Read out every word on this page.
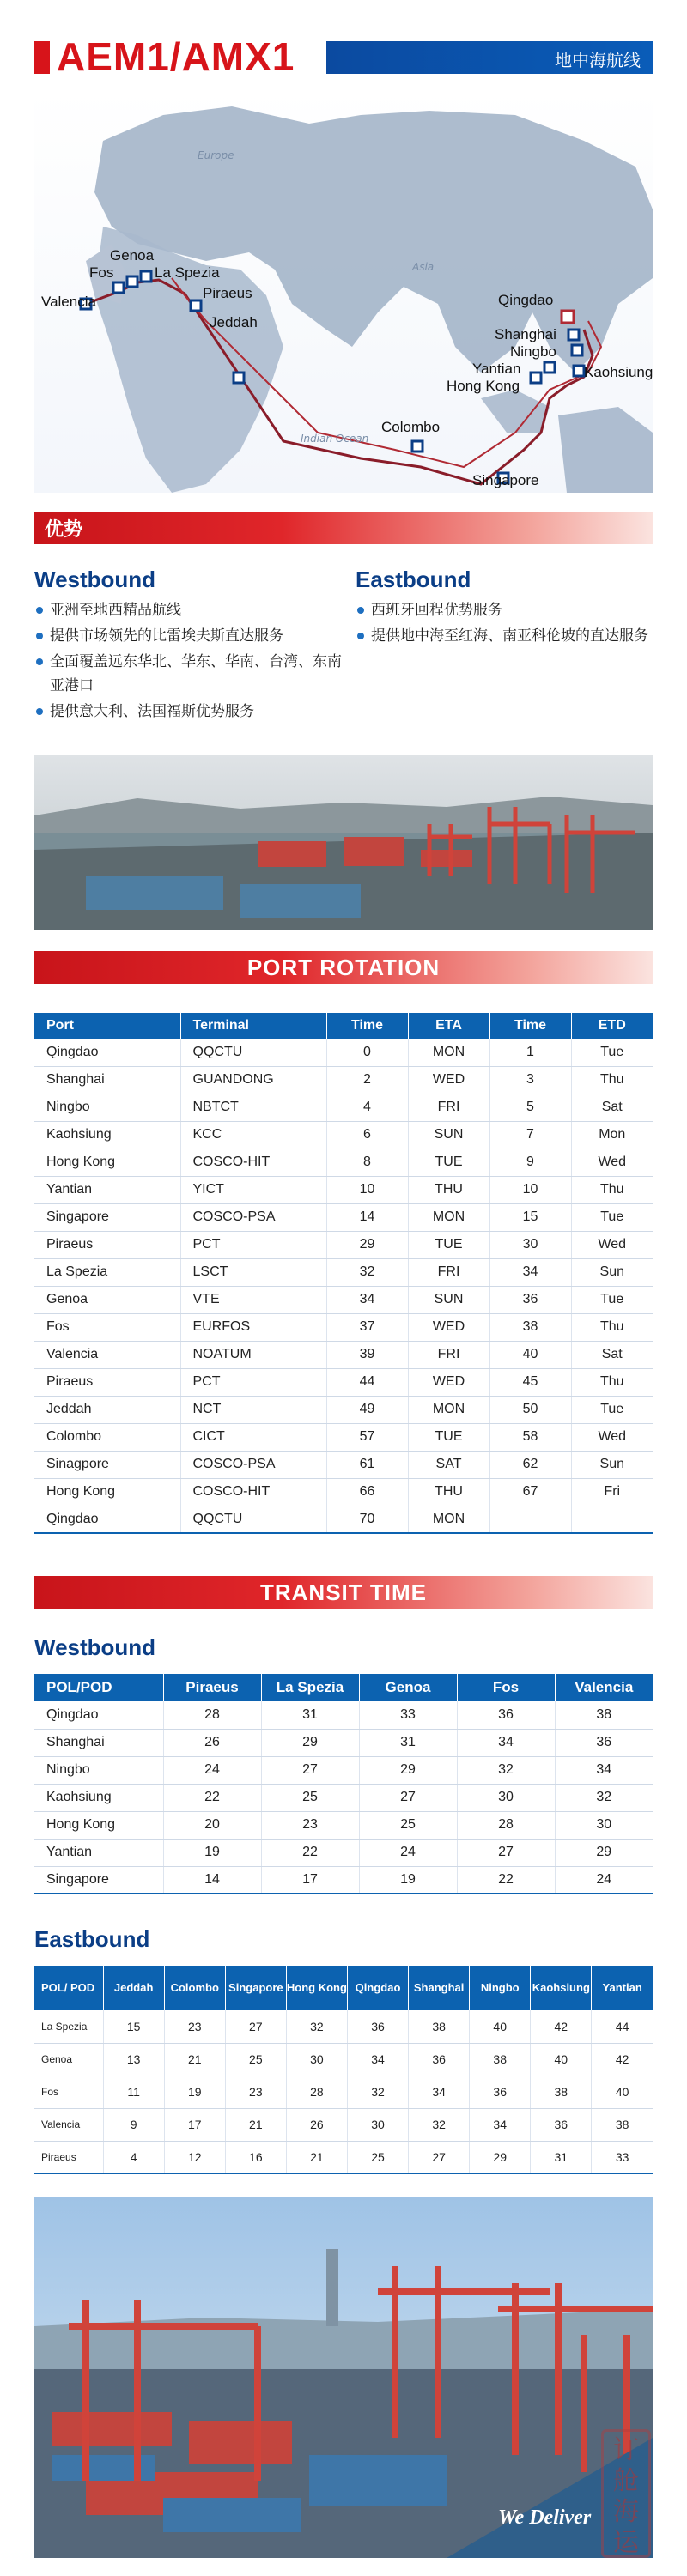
AEM1/AMX1	地中海航线
Europe
Asia
Indian Ocean
Valencia
Fos
Genoa
La Spezia
Piraeus
Jeddah
Colombo
Hong Kong
Yantian
Shanghai
Ningbo
Qingdao
Kaohsiung
Singapore
优势
Westbound
亚洲至地西精品航线
提供市场领先的比雷埃夫斯直达服务
全面覆盖远东华北、华东、华南、台湾、东南亚港口
提供意大利、法国福斯优势服务
Eastbound
西班牙回程优势服务
提供地中海至红海、南亚科伦坡的直达服务
PORT ROTATION
Port	Terminal	Time	ETA	Time	ETD
Qingdao	QQCTU	0	MON	1	Tue
Shanghai	GUANDONG	2	WED	3	Thu
Ningbo	NBTCT	4	FRI	5	Sat
Kaohsiung	KCC	6	SUN	7	Mon
Hong Kong	COSCO-HIT	8	TUE	9	Wed
Yantian	YICT	10	THU	10	Thu
Singapore	COSCO-PSA	14	MON	15	Tue
Piraeus	PCT	29	TUE	30	Wed
La Spezia	LSCT	32	FRI	34	Sun
Genoa	VTE	34	SUN	36	Tue
Fos	EURFOS	37	WED	38	Thu
Valencia	NOATUM	39	FRI	40	Sat
Piraeus	PCT	44	WED	45	Thu
Jeddah	NCT	49	MON	50	Tue
Colombo	CICT	57	TUE	58	Wed
Sinagpore	COSCO-PSA	61	SAT	62	Sun
Hong Kong	COSCO-HIT	66	THU	67	Fri
Qingdao	QQCTU	70	MON		
TRANSIT TIME
Westbound
POL/POD	Piraeus	La Spezia	Genoa	Fos	Valencia
Qingdao	28	31	33	36	38
Shanghai	26	29	31	34	36
Ningbo	24	27	29	32	34
Kaohsiung	22	25	27	30	32
Hong Kong	20	23	25	28	30
Yantian	19	22	24	27	29
Singapore	14	17	19	22	24
Eastbound
POL/ POD	Jeddah	Colombo	Singapore	Hong Kong	Qingdao	Shanghai	Ningbo	Kaohsiung	Yantian
La Spezia	15	23	27	32	36	38	40	42	44
Genoa	13	21	25	30	34	36	38	40	42
Fos	11	19	23	28	32	34	36	38	40
Valencia	9	17	21	26	30	32	34	36	38
Piraeus	4	12	16	21	25	27	29	31	33
We Deliver
订
舱
海
运
